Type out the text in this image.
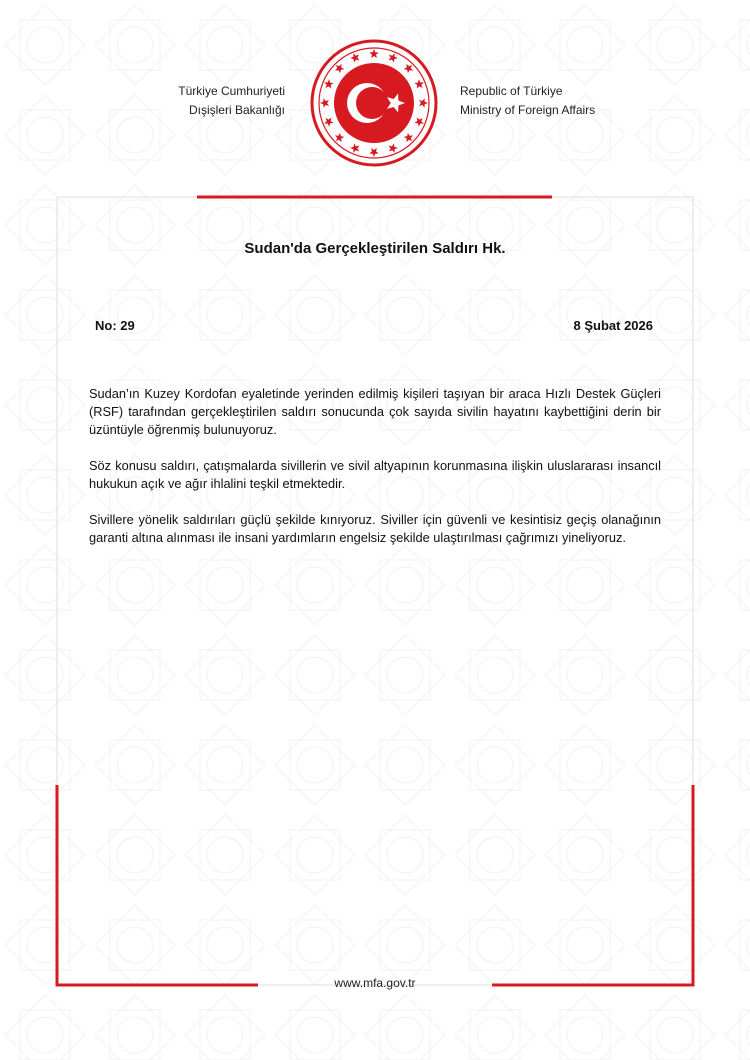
Türkiye Cumhuriyeti
Dışişleri Bakanlığı
Republic of Türkiye
Ministry of Foreign Affairs
Sudan'da Gerçekleştirilen Saldırı Hk.
No: 29	8 Şubat 2026

Sudan’ın Kuzey Kordofan eyaletinde yerinden edilmiş kişileri taşıyan bir araca Hızlı Destek Güçleri (RSF) tarafından gerçekleştirilen saldırı sonucunda çok sayıda sivilin hayatını kaybettiğini derin bir üzüntüyle öğrenmiş bulunuyoruz.

Söz konusu saldırı, çatışmalarda sivillerin ve sivil altyapının korunmasına ilişkin uluslararası insancıl hukukun açık ve ağır ihlalini teşkil etmektedir.

Sivillere yönelik saldırıları güçlü şekilde kınıyoruz. Siviller için güvenli ve kesintisiz geçiş olanağının garanti altına alınması ile insani yardımların engelsiz şekilde ulaştırılması çağrımızı yineliyoruz.

www.mfa.gov.tr
